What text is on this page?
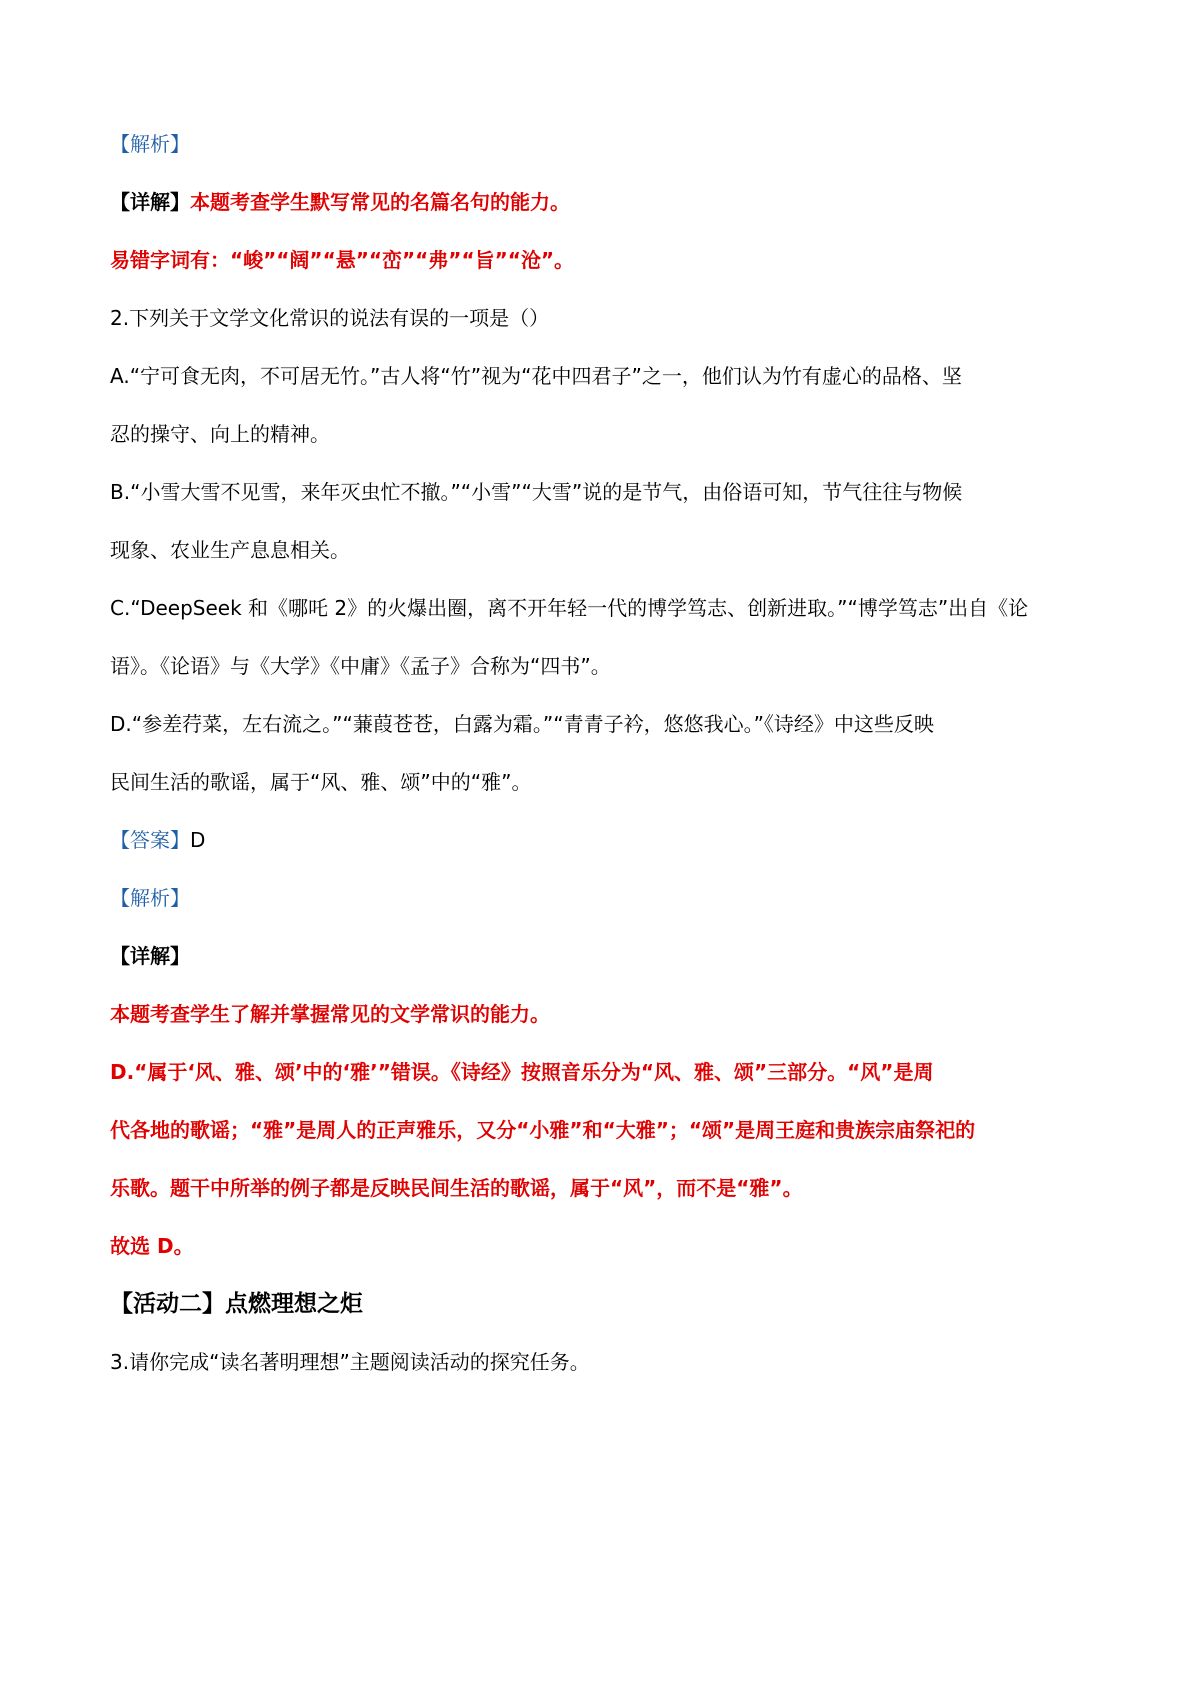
【解析】
【详解】本题考查学生默写常见的名篇名句的能力。
易错字词有：“峻”“阔”“悬”“峦”“弗”“旨”“沧”。
2.下列关于文学文化常识的说法有误的一项是（）
A.“宁可食无肉，不可居无竹。”古人将“竹”视为“花中四君子”之一，他们认为竹有虚心的品格、坚
忍的操守、向上的精神。
B.“小雪大雪不见雪，来年灭虫忙不撤。”“小雪”“大雪”说的是节气，由俗语可知，节气往往与物候
现象、农业生产息息相关。
C.“DeepSeek 和《哪吒 2》的火爆出圈，离不开年轻一代的博学笃志、创新进取。”“博学笃志”出自《论
语》。《论语》与《大学》《中庸》《孟子》合称为“四书”。
D.“参差荇菜，左右流之。”“蒹葭苍苍，白露为霜。”“青青子衿，悠悠我心。”《诗经》中这些反映
民间生活的歌谣，属于“风、雅、颂”中的“雅”。
【答案】D
【解析】
【详解】
本题考查学生了解并掌握常见的文学常识的能力。
D.“属于‘风、雅、颂’中的‘雅’”错误。《诗经》按照音乐分为“风、雅、颂”三部分。“风”是周
代各地的歌谣；“雅”是周人的正声雅乐，又分“小雅”和“大雅”；“颂”是周王庭和贵族宗庙祭祀的
乐歌。题干中所举的例子都是反映民间生活的歌谣，属于“风”，而不是“雅”。
故选 D。
【活动二】点燃理想之炬
3.请你完成“读名著明理想”主题阅读活动的探究任务。
